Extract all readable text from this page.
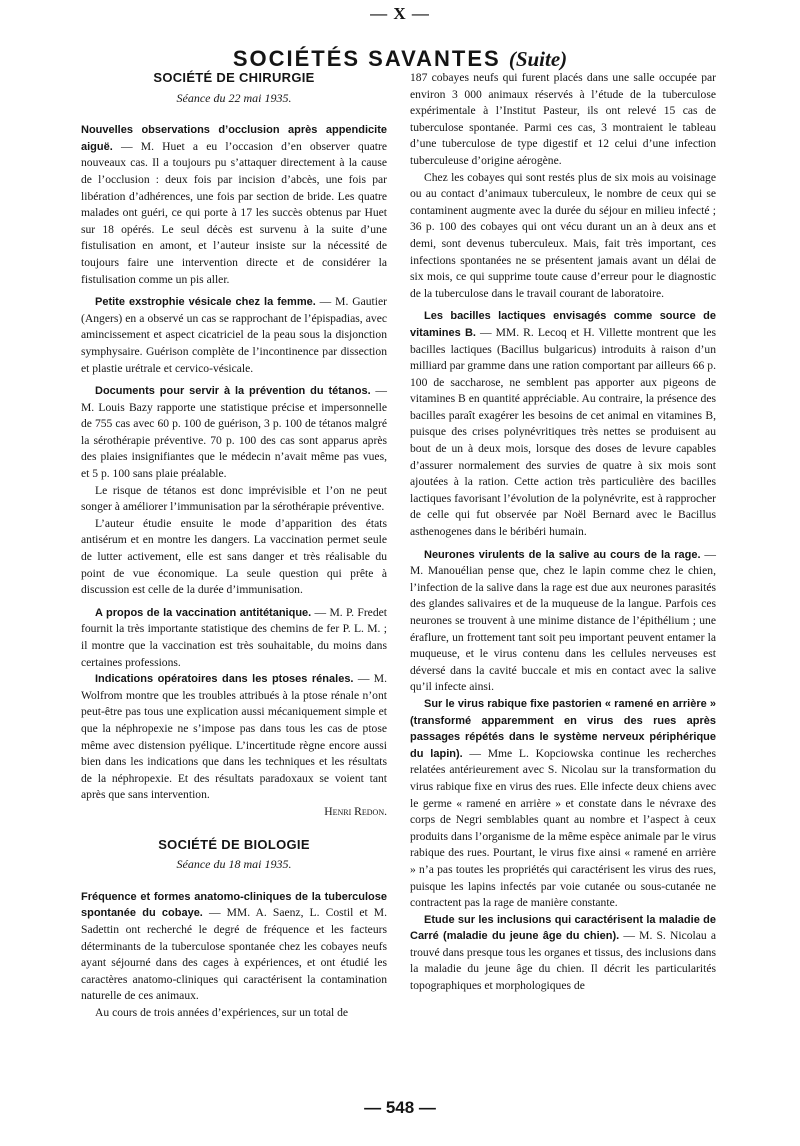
— X —
SOCIÉTÉS SAVANTES (Suite)
SOCIÉTÉ DE CHIRURGIE
Séance du 22 mai 1935.

Nouvelles observations d’occlusion après appendicite aiguë. — M. Huet a eu l’occasion d’en observer quatre nouveaux cas. Il a toujours pu s’attaquer directement à la cause de l’occlusion : deux fois par incision d’abcès, une fois par libération d’adhérences, une fois par section de bride. Les quatre malades ont guéri, ce qui porte à 17 les succès obtenus par Huet sur 18 opérés. Le seul décès est survenu à la suite d’une fistulisation en amont, et l’auteur insiste sur la nécessité de toujours faire une intervention directe et de considérer la fistulisation comme un pis aller.

Petite exstrophie vésicale chez la femme. — M. Gautier (Angers) en a observé un cas se rapprochant de l’épispadias, avec amincissement et aspect cicatriciel de la peau sous la disjonction symphysaire. Guérison complète de l’incontinence par dissection et plastie urétrale et cervico-vésicale.

Documents pour servir à la prévention du tétanos. — M. Louis Bazy rapporte une statistique précise et impersonnelle de 755 cas avec 60 p. 100 de guérison, 3 p. 100 de tétanos malgré la sérothérapie préventive. 70 p. 100 des cas sont apparus après des plaies insignifiantes que le médecin n’avait même pas vues, et 5 p. 100 sans plaie préalable.

Le risque de tétanos est donc imprévisible et l’on ne peut songer à améliorer l’immunisation par la sérothérapie préventive.

L’auteur étudie ensuite le mode d’apparition des états antisérum et en montre les dangers. La vaccination permet seule de lutter activement, elle est sans danger et très réalisable du point de vue économique. La seule question qui prête à discussion est celle de la durée d’immunisation.

A propos de la vaccination antitétanique. — M. P. Fredet fournit la très importante statistique des chemins de fer P. L. M. ; il montre que la vaccination est très souhaitable, du moins dans certaines professions.

Indications opératoires dans les ptoses rénales. — M. Wolfrom montre que les troubles attribués à la ptose rénale n’ont peut-être pas tous une explication aussi mécaniquement simple et que la néphropexie ne s’impose pas dans tous les cas de ptose même avec distension pyélique. L’incertitude règne encore aussi bien dans les indications que dans les techniques et les résultats de la néphropexie. Et des résultats paradoxaux se voient tant après que sans intervention.

Henri Redon.

SOCIÉTÉ DE BIOLOGIE
Séance du 18 mai 1935.

Fréquence et formes anatomo-cliniques de la tuberculose spontanée du cobaye. — MM. A. Saenz, L. Costil et M. Sadettin ont recherché le degré de fréquence et les facteurs déterminants de la tuberculose spontanée chez les cobayes neufs ayant séjourné dans des cages à expériences, et ont étudié les caractères anatomo-cliniques qui caractérisent la contamination naturelle de ces animaux.

Au cours de trois années d’expériences, sur un total de

187 cobayes neufs qui furent placés dans une salle occupée par environ 3 000 animaux réservés à l’étude de la tuberculose expérimentale à l’Institut Pasteur, ils ont relevé 15 cas de tuberculose spontanée. Parmi ces cas, 3 montraient le tableau d’une tuberculose de type digestif et 12 celui d’une infection tuberculeuse d’origine aérogène.

Chez les cobayes qui sont restés plus de six mois au voisinage ou au contact d’animaux tuberculeux, le nombre de ceux qui se contaminent augmente avec la durée du séjour en milieu infecté ; 36 p. 100 des cobayes qui ont vécu durant un an à deux ans et demi, sont devenus tuberculeux. Mais, fait très important, ces infections spontanées ne se présentent jamais avant un délai de six mois, ce qui supprime toute cause d’erreur pour le diagnostic de la tuberculose dans le travail courant de laboratoire.

Les bacilles lactiques envisagés comme source de vitamines B. — MM. R. Lecoq et H. Villette montrent que les bacilles lactiques (Bacillus bulgaricus) introduits à raison d’un milliard par gramme dans une ration comportant par ailleurs 66 p. 100 de saccharose, ne semblent pas apporter aux pigeons de vitamines B en quantité appréciable. Au contraire, la présence des bacilles paraît exagérer les besoins de cet animal en vitamines B, puisque des crises polynévritiques très nettes se produisent au bout de un à deux mois, lorsque des doses de levure capables d’assurer normalement des survies de quatre à six mois sont ajoutées à la ration. Cette action très particulière des bacilles lactiques favorisant l’évolution de la polynévrite, est à rapprocher de celle qui fut observée par Noël Bernard avec le Bacillus asthenogenes dans le béribéri humain.

Neurones virulents de la salive au cours de la rage. — M. Manouélian pense que, chez le lapin comme chez le chien, l’infection de la salive dans la rage est due aux neurones parasités des glandes salivaires et de la muqueuse de la langue. Parfois ces neurones se trouvent à une minime distance de l’épithélium ; une éraflure, un frottement tant soit peu important peuvent entamer la muqueuse, et le virus contenu dans les cellules nerveuses est déversé dans la cavité buccale et mis en contact avec la salive qu’il infecte ainsi.

Sur le virus rabique fixe pastorien « ramené en arrière » (transformé apparemment en virus des rues après passages répétés dans le système nerveux périphérique du lapin). — Mme L. Kopciowska continue les recherches relatées antérieurement avec S. Nicolau sur la transformation du virus rabique fixe en virus des rues. Elle infecte deux chiens avec le germe « ramené en arrière » et constate dans le névraxe des corps de Negri semblables quant au nombre et l’aspect à ceux produits dans l’organisme de la même espèce animale par le virus rabique des rues. Pourtant, le virus fixe ainsi « ramené en arrière » n’a pas toutes les propriétés qui caractérisent les virus des rues, puisque les lapins infectés par voie cutanée ou sous-cutanée ne contractent pas la rage de manière constante.

Etude sur les inclusions qui caractérisent la maladie de Carré (maladie du jeune âge du chien). — M. S. Nicolau a trouvé dans presque tous les organes et tissus, des inclusions dans la maladie du jeune âge du chien. Il décrit les particularités topographiques et morphologiques de

— 548 —
